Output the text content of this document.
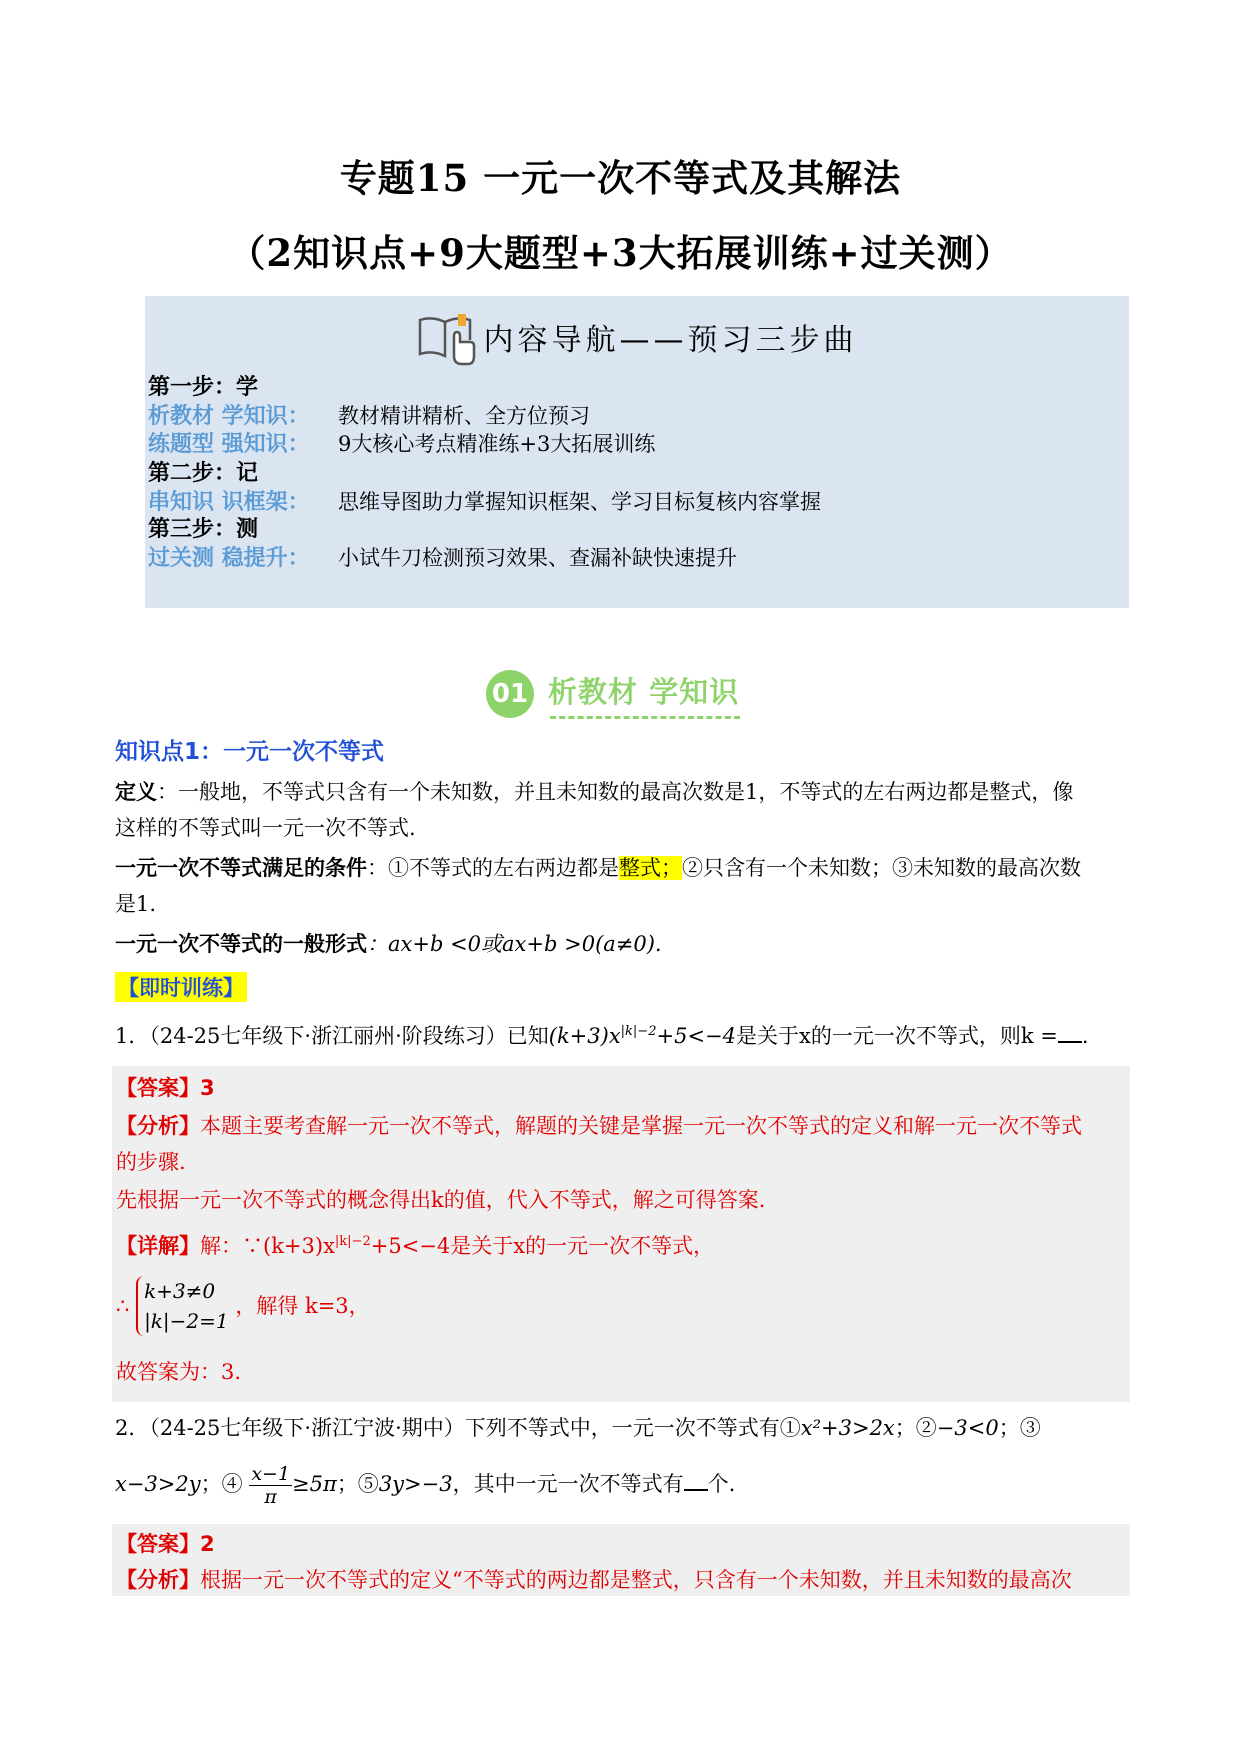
专题15 一元一次不等式及其解法
（2知识点+9大题型+3大拓展训练+过关测）
内容导航——预习三步曲
第一步：学
析教材 学知识： 教材精讲精析、全方位预习
练题型 强知识： 9大核心考点精准练+3大拓展训练
第二步：记
串知识 识框架： 思维导图助力掌握知识框架、学习目标复核内容掌握
第三步：测
过关测 稳提升： 小试牛刀检测预习效果、查漏补缺快速提升
01 析教材 学知识
知识点1：一元一次不等式
定义：一般地，不等式只含有一个未知数，并且未知数的最高次数是1，不等式的左右两边都是整式，像
这样的不等式叫一元一次不等式.
一元一次不等式满足的条件：①不等式的左右两边都是整式；②只含有一个未知数；③未知数的最高次数
是1.
一元一次不等式的一般形式：ax+b <0或ax+b >0(a≠0).
【即时训练】
1．（24-25七年级下·浙江丽州·阶段练习）已知$(k+3)x^{|k|-2}+5<-4$是关于x的一元一次不等式，则k = .
【答案】3
【分析】本题主要考查解一元一次不等式，解题的关键是掌握一元一次不等式的定义和解一元一次不等式
的步骤.
先根据一元一次不等式的概念得出k的值，代入不等式，解之可得答案.
【详解】解：$\because(k+3)x^{|k|-2}+5<-4$是关于x的一元一次不等式，
∴ k+3≠0
|k|−2=1 ，解得 k=3，
故答案为：3.
2．（24-25七年级下·浙江宁波·期中）下列不等式中，一元一次不等式有①x²+3>2x；②−3<0；③
x−3>2y；④ $\frac{x-1}{\pi} \ge 5\pi$；⑤3y>−3，其中一元一次不等式有 个.
【答案】2
【分析】根据一元一次不等式的定义“不等式的两边都是整式，只含有一个未知数，并且未知数的最高次
